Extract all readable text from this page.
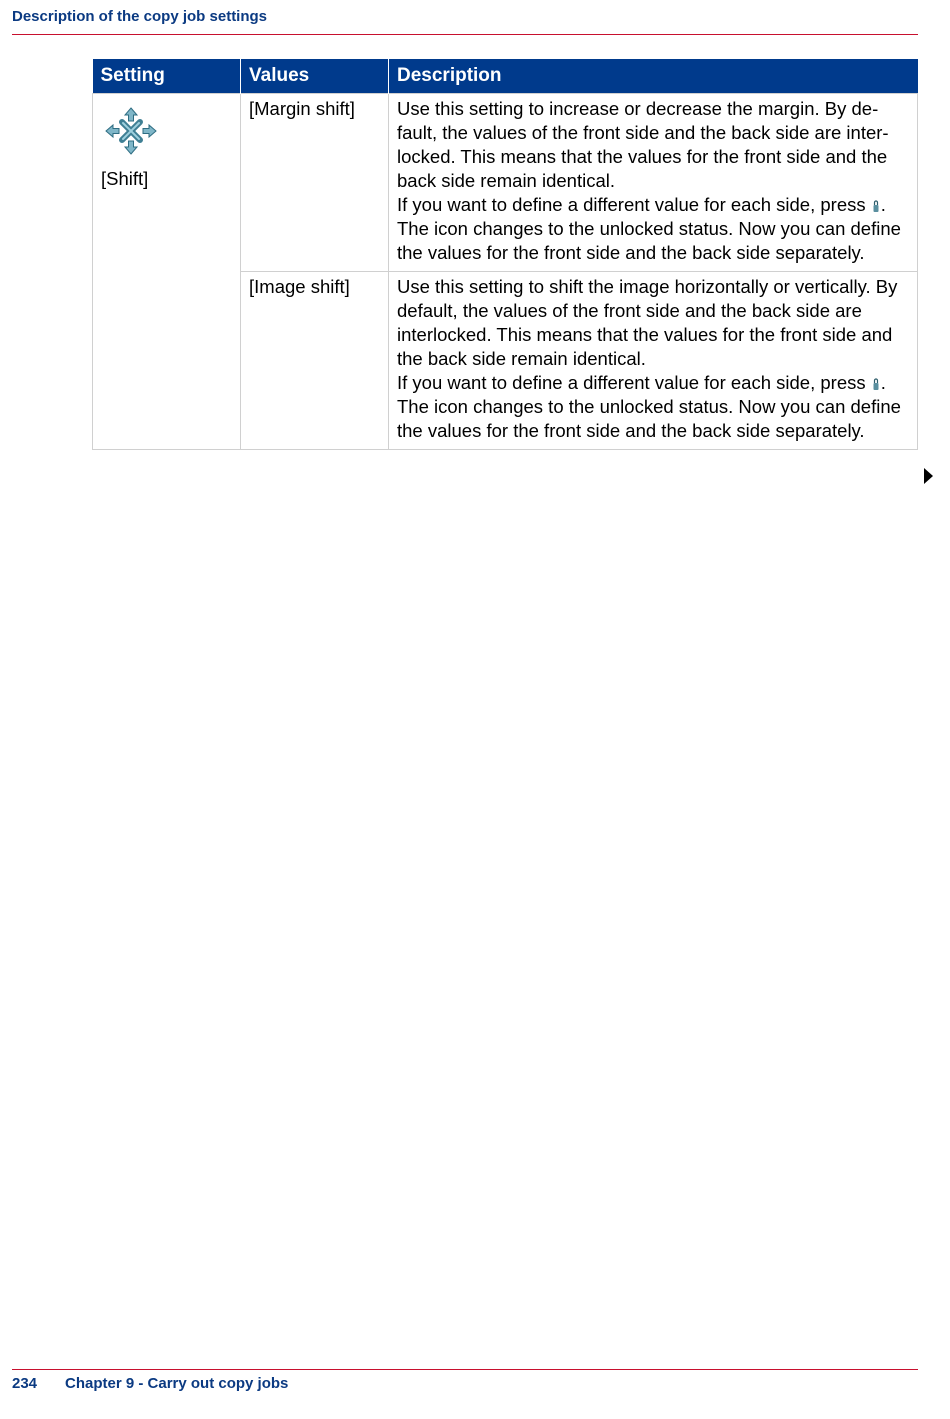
Description of the copy job settings
Setting	Values	Description

[Shift]	[Margin shift]	Use this setting to increase or decrease the margin. By default, the values of the front side and the back side are interlocked. This means that the values for the front side and the back side remain identical.
If you want to define a different value for each side, press .
The icon changes to the unlocked status. Now you can define the values for the front side and the back side separately.
	[Image shift]	Use this setting to shift the image horizontally or vertically. By default, the values of the front side and the back side are interlocked. This means that the values for the front side and the back side remain identical.
If you want to define a different value for each side, press .
The icon changes to the unlocked status. Now you can define the values for the front side and the back side separately.
234 Chapter 9 - Carry out copy jobs
